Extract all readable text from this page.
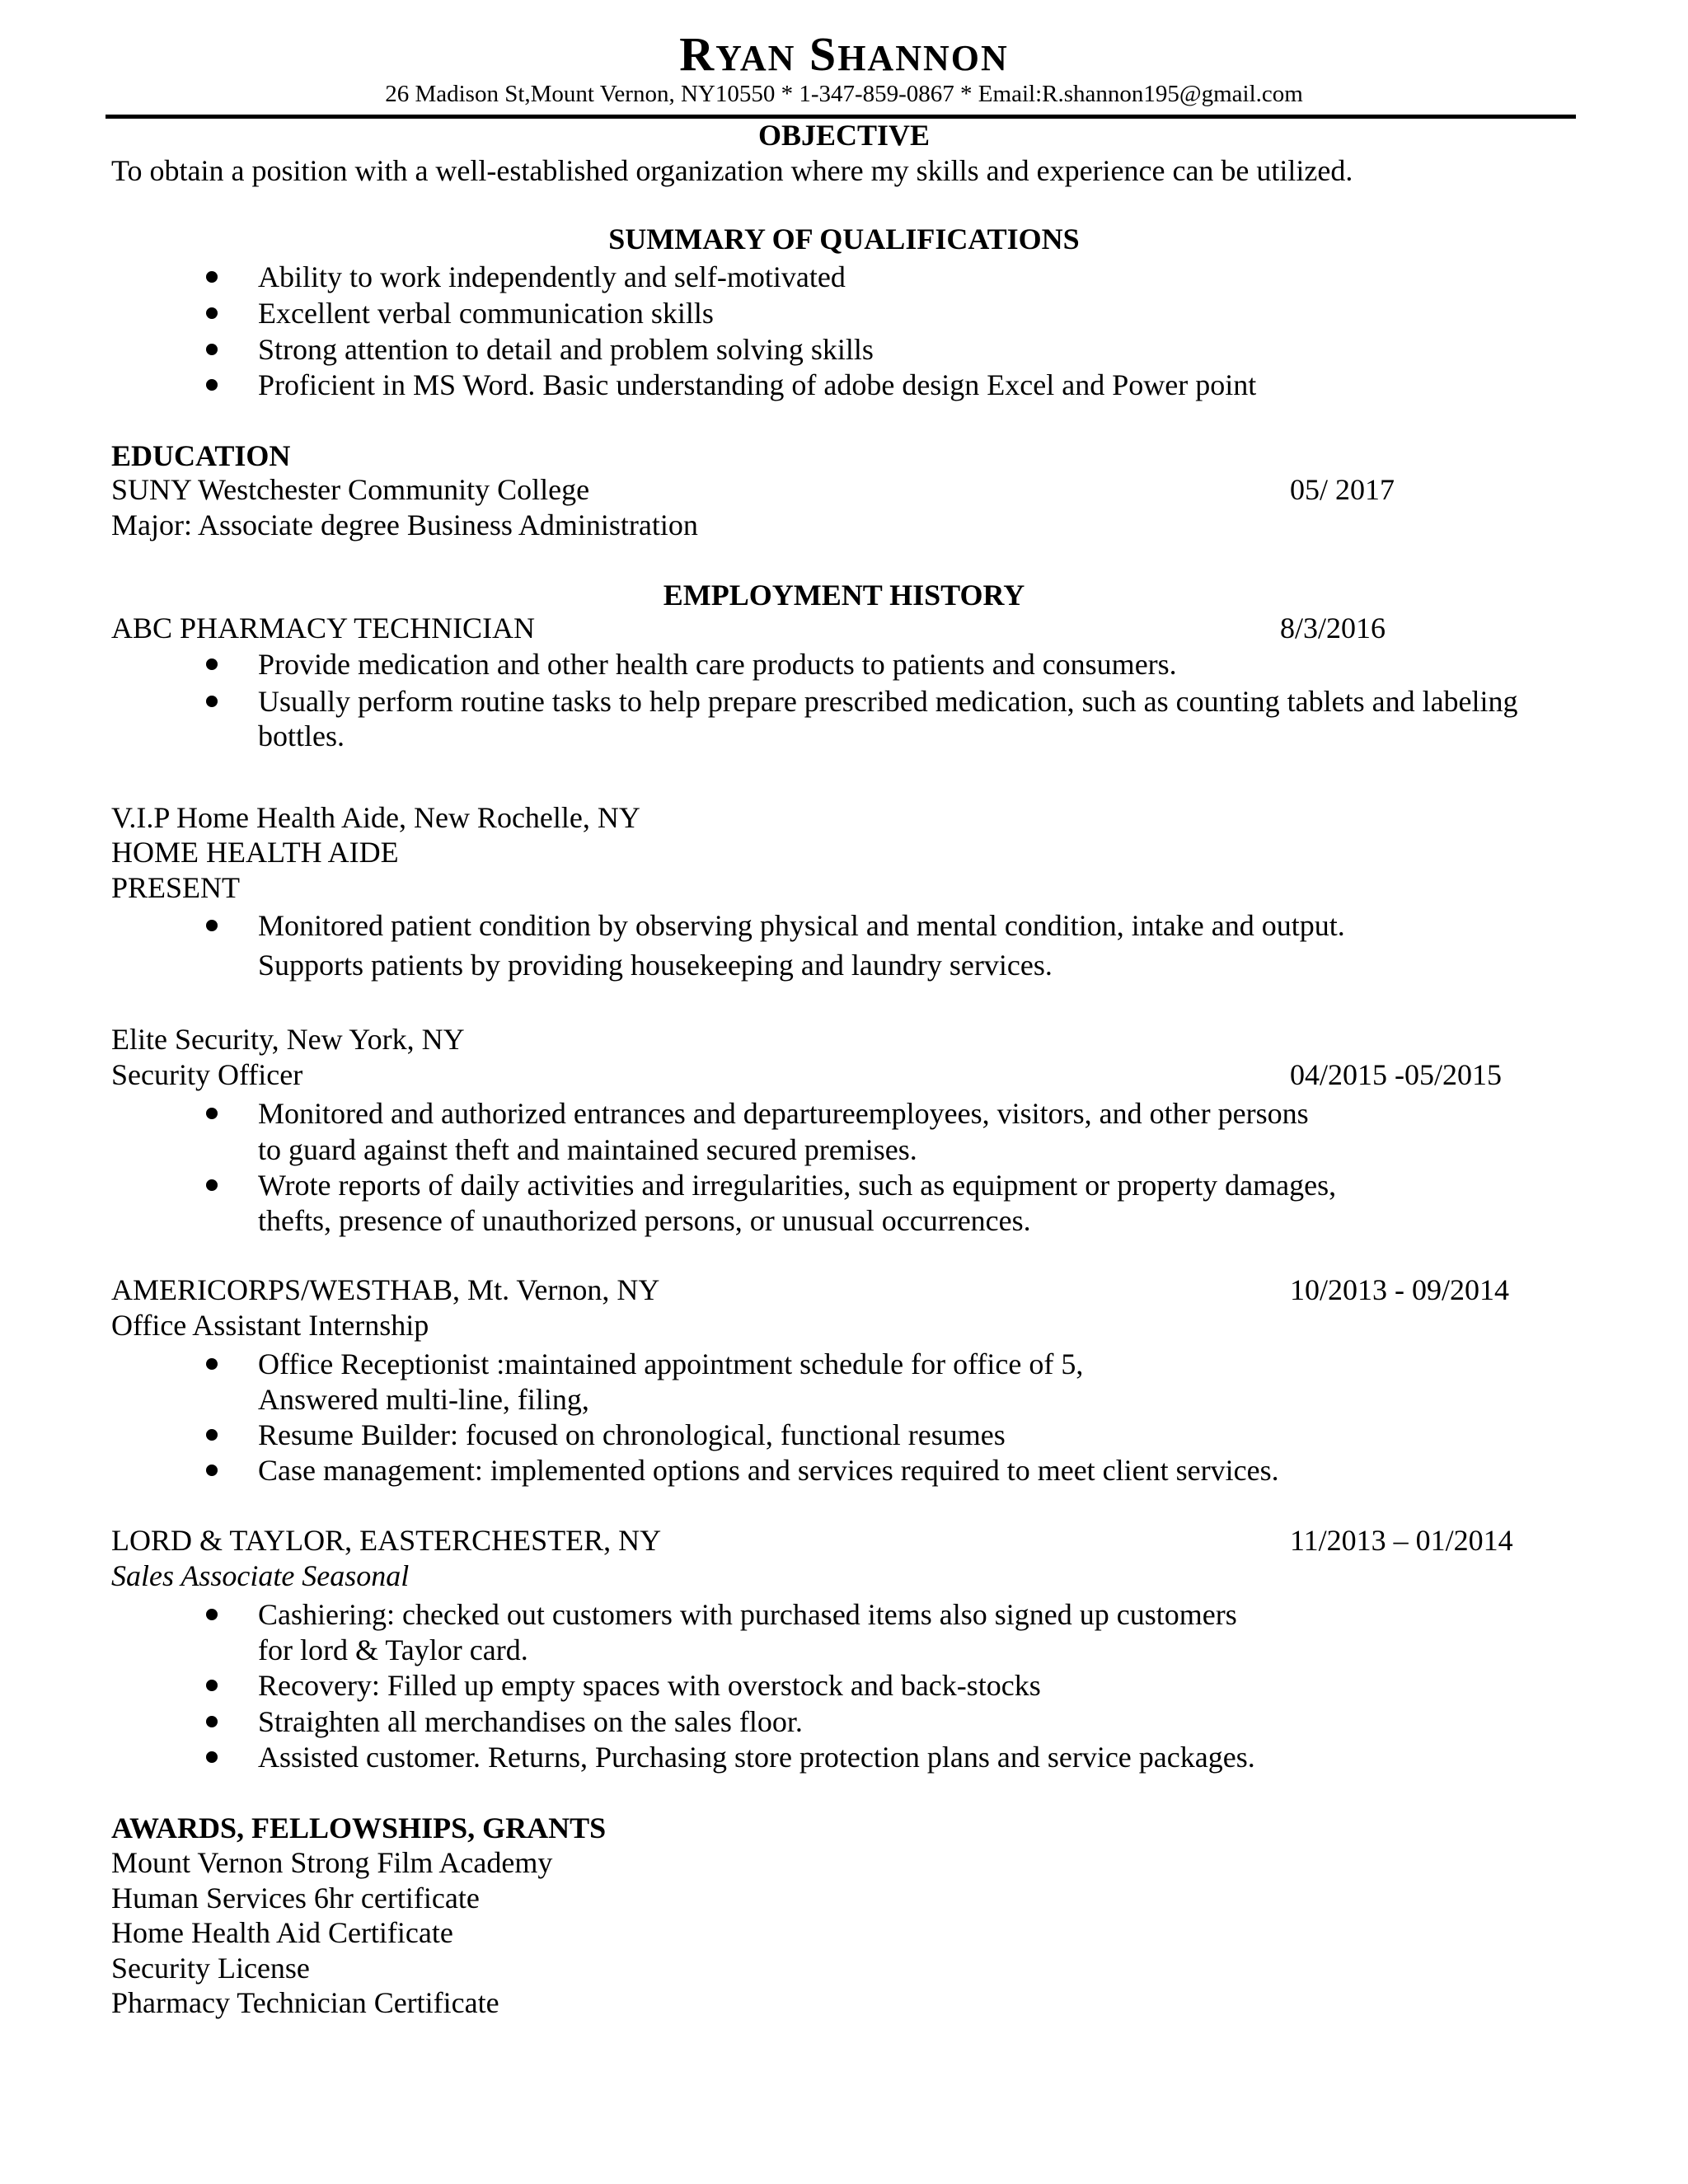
RYAN SHANNON
26 Madison St,Mount Vernon, NY10550 * 1-347-859-0867 * Email:R.shannon195@gmail.com
OBJECTIVE
To obtain a position with a well-established organization where my skills and experience can be utilized.
SUMMARY OF QUALIFICATIONS
Ability to work independently and self-motivated
Excellent verbal communication skills
Strong attention to detail and problem solving skills
Proficient in MS Word. Basic understanding of adobe design Excel and Power point
EDUCATION
SUNY Westchester Community College	05/ 2017
Major: Associate degree Business Administration
EMPLOYMENT HISTORY
ABC PHARMACY TECHNICIAN	8/3/2016
Provide medication and other health care products to patients and consumers.
Usually perform routine tasks to help prepare prescribed medication, such as counting tablets and labeling
bottles.
V.I.P Home Health Aide, New Rochelle, NY
HOME HEALTH AIDE
PRESENT
Monitored patient condition by observing physical and mental condition, intake and output.
Supports patients by providing housekeeping and laundry services.
Elite Security, New York, NY
Security Officer	04/2015 -05/2015
Monitored and authorized entrances and departureemployees, visitors, and other persons
to guard against theft and maintained secured premises.
Wrote reports of daily activities and irregularities, such as equipment or property damages,
thefts, presence of unauthorized persons, or unusual occurrences.
AMERICORPS/WESTHAB, Mt. Vernon, NY	10/2013 - 09/2014
Office Assistant Internship
Office Receptionist :maintained appointment schedule for office of 5,
Answered multi-line, filing,
Resume Builder: focused on chronological, functional resumes
Case management: implemented options and services required to meet client services.
LORD & TAYLOR, EASTERCHESTER, NY	11/2013 – 01/2014
Sales Associate Seasonal
Cashiering: checked out customers with purchased items also signed up customers
for lord & Taylor card.
Recovery: Filled up empty spaces with overstock and back-stocks
Straighten all merchandises on the sales floor.
Assisted customer. Returns, Purchasing store protection plans and service packages.
AWARDS, FELLOWSHIPS, GRANTS
Mount Vernon Strong Film Academy
Human Services 6hr certificate
Home Health Aid Certificate
Security License
Pharmacy Technician Certificate
